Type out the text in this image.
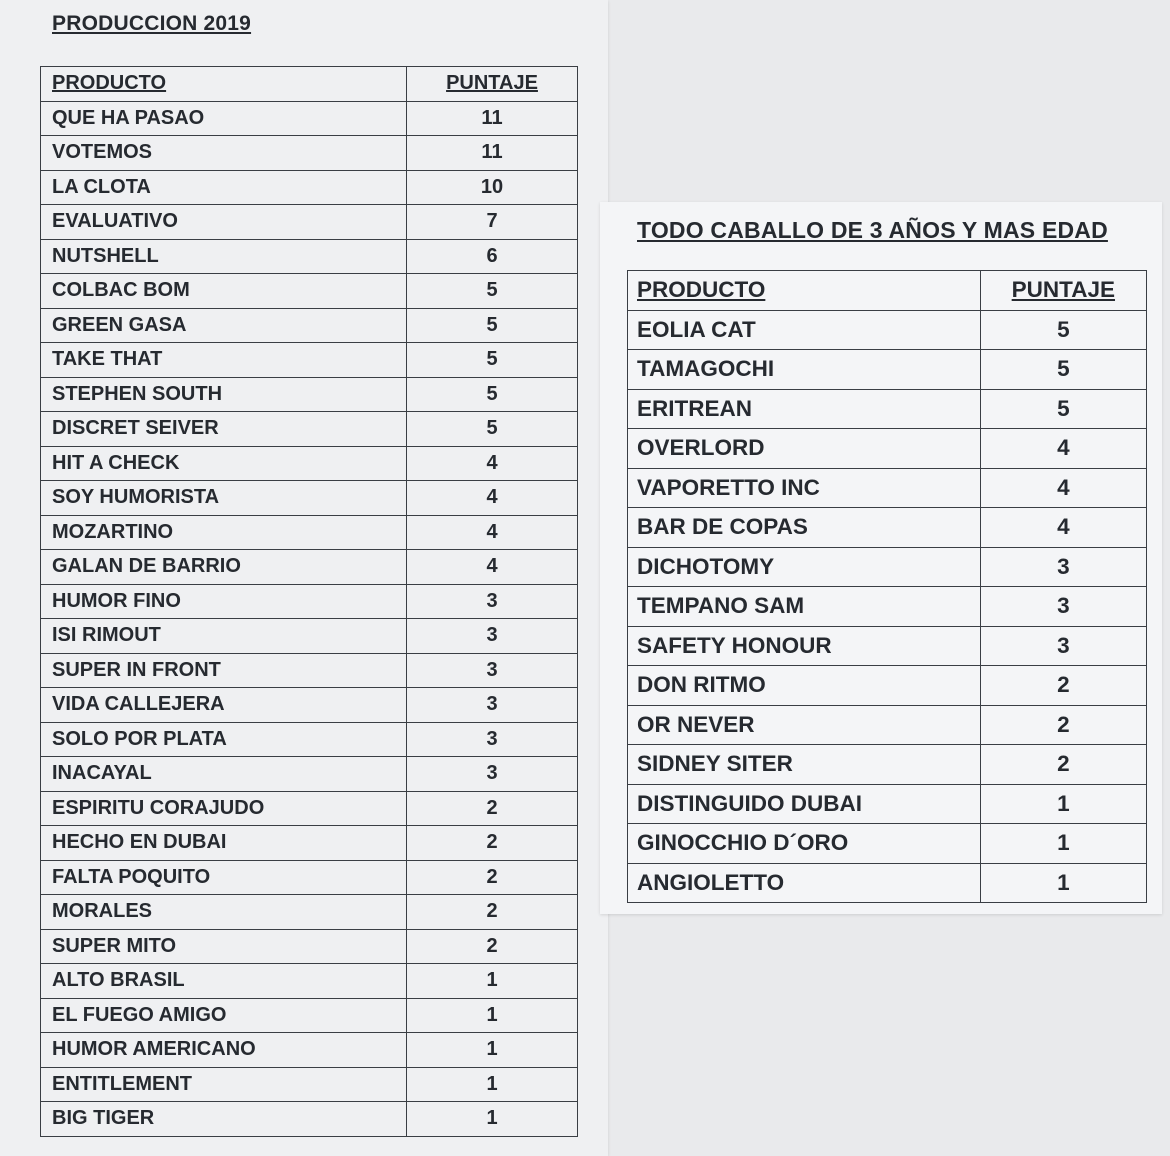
PRODUCCION 2019
PRODUCTO	PUNTAJE
QUE HA PASAO	11
VOTEMOS	11
LA CLOTA	10
EVALUATIVO	7
NUTSHELL	6
COLBAC BOM	5
GREEN GASA	5
TAKE THAT	5
STEPHEN SOUTH	5
DISCRET SEIVER	5
HIT A CHECK	4
SOY HUMORISTA	4
MOZARTINO	4
GALAN DE BARRIO	4
HUMOR FINO	3
ISI RIMOUT	3
SUPER IN FRONT	3
VIDA CALLEJERA	3
SOLO POR PLATA	3
INACAYAL	3
ESPIRITU CORAJUDO	2
HECHO EN DUBAI	2
FALTA POQUITO	2
MORALES	2
SUPER MITO	2
ALTO BRASIL	1
EL FUEGO AMIGO	1
HUMOR AMERICANO	1
ENTITLEMENT	1
BIG TIGER	1
TODO CABALLO DE 3 AÑOS Y MAS EDAD
PRODUCTO	PUNTAJE
EOLIA CAT	5
TAMAGOCHI	5
ERITREAN	5
OVERLORD	4
VAPORETTO INC	4
BAR DE COPAS	4
DICHOTOMY	3
TEMPANO SAM	3
SAFETY HONOUR	3
DON RITMO	2
OR NEVER	2
SIDNEY SITER	2
DISTINGUIDO DUBAI	1
GINOCCHIO D´ORO	1
ANGIOLETTO	1
